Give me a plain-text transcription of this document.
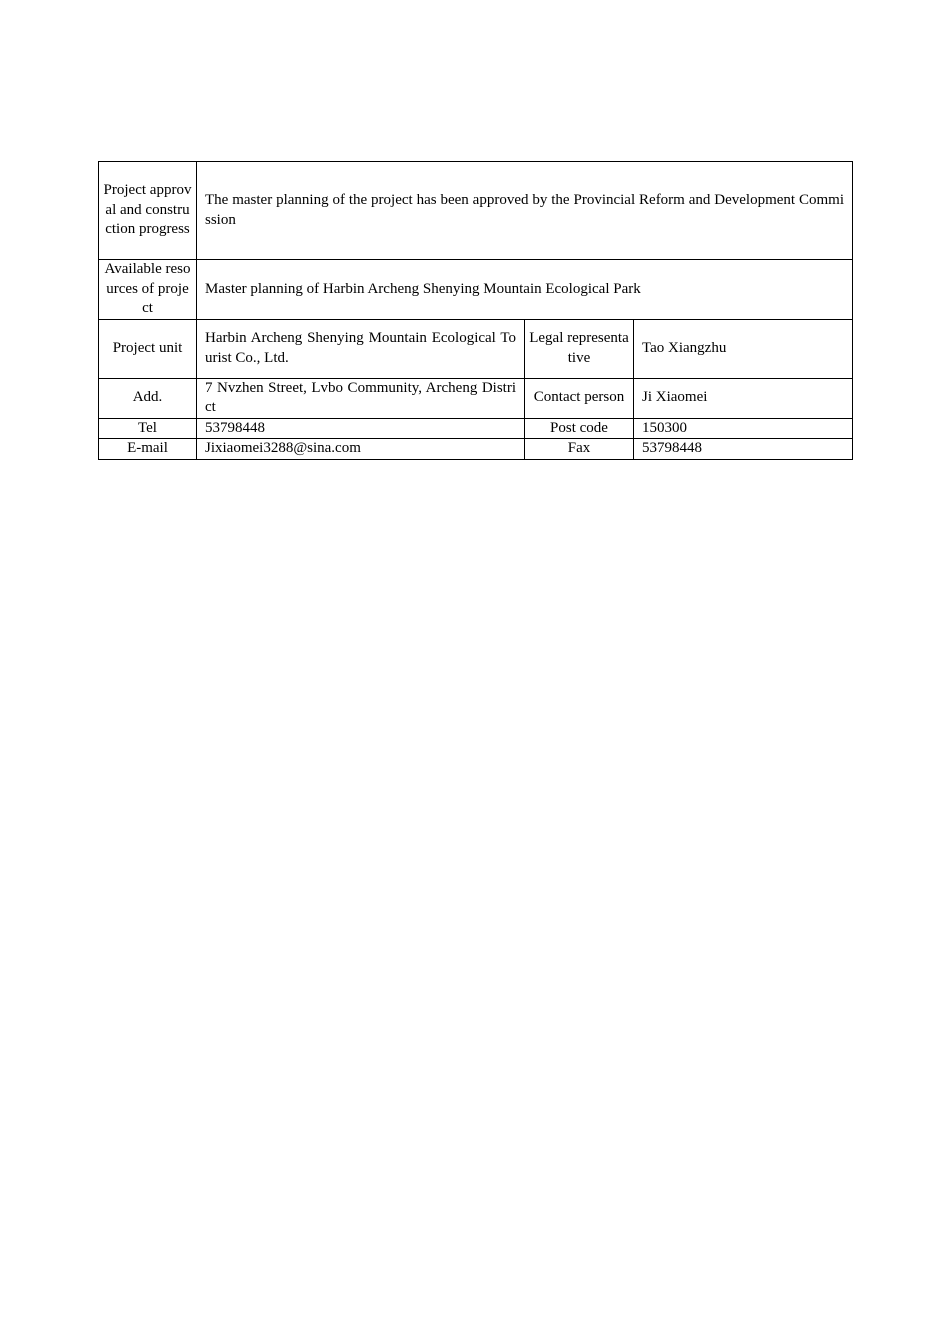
Project approval and construction progress	The master planning of the project has been approved by the Provincial Reform and Development Commission		
Available resources of project	Master planning of Harbin Archeng Shenying Mountain Ecological Park		
Project unit	Harbin Archeng Shenying Mountain Ecological Tourist Co., Ltd.	Legal representative	Tao Xiangzhu
Add.	7 Nvzhen Street, Lvbo Community, Archeng District	Contact person	Ji Xiaomei
Tel	53798448	Post code	150300
E-mail	Jixiaomei3288@sina.com	Fax	53798448
